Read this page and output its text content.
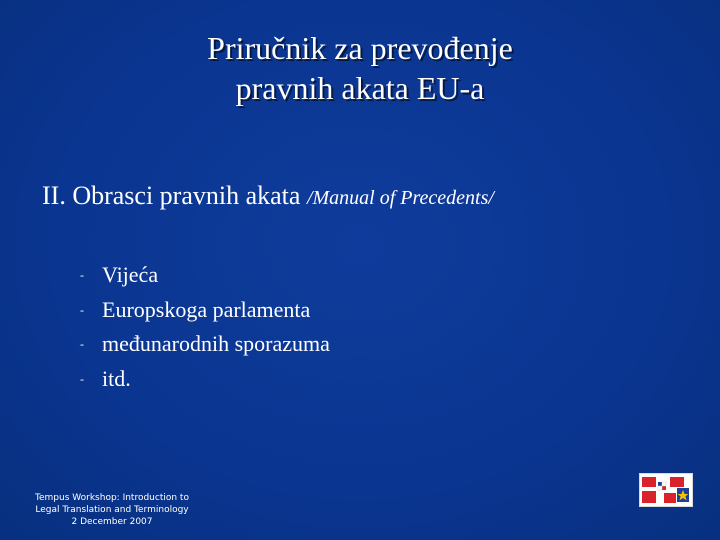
Priručnik za prevođenje
pravnih akata EU-a
II. Obrasci pravnih akata /Manual of Precedents/
- Vijeća
- Europskoga parlamenta
- međunarodnih sporazuma
- itd.
Tempus Workshop: Introduction to
Legal Translation and Terminology
2 December 2007
